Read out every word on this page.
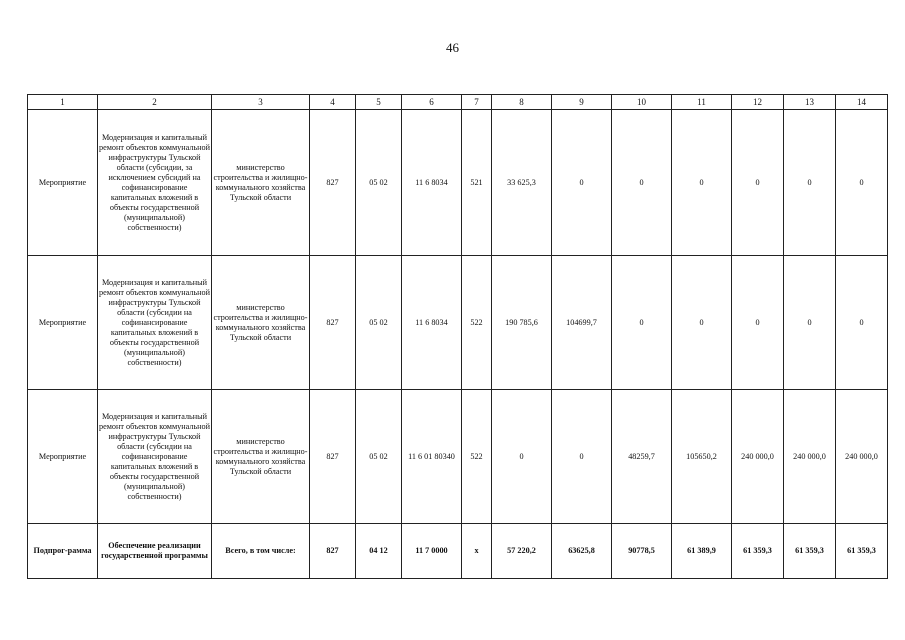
46
1	2	3	4	5	6	7	8	9	10	11	12	13	14
Мероприятие	Модернизация и капитальный ремонт объектов коммунальной инфраструктуры Тульской области (субсидии, за исключением субсидий на софинансирование капитальных вложений в объекты государственной (муниципальной) собственности)	министерство строительства и жилищно-коммунального хозяйства Тульской области	827	05 02	11 6 8034	521	33 625,3	0	0	0	0	0	0
Мероприятие	Модернизация и капитальный ремонт объектов коммунальной инфраструктуры Тульской области (субсидии на софинансирование капитальных вложений в объекты государственной (муниципальной) собственности)	министерство строительства и жилищно-коммунального хозяйства Тульской области	827	05 02	11 6 8034	522	190 785,6	104699,7	0	0	0	0	0
Мероприятие	Модернизация и капитальный ремонт объектов коммунальной инфраструктуры Тульской области (субсидии на софинансирование капитальных вложений в объекты государственной (муниципальной) собственности)	министерство строительства и жилищно-коммунального хозяйства Тульской области	827	05 02	11 6 01 80340	522	0	0	48259,7	105650,2	240 000,0	240 000,0	240 000,0
Подпрог-рамма	Обеспечение реализации государственной программы	Всего, в том числе:	827	04 12	11 7 0000	х	57 220,2	63625,8	90778,5	61 389,9	61 359,3	61 359,3	61 359,3
